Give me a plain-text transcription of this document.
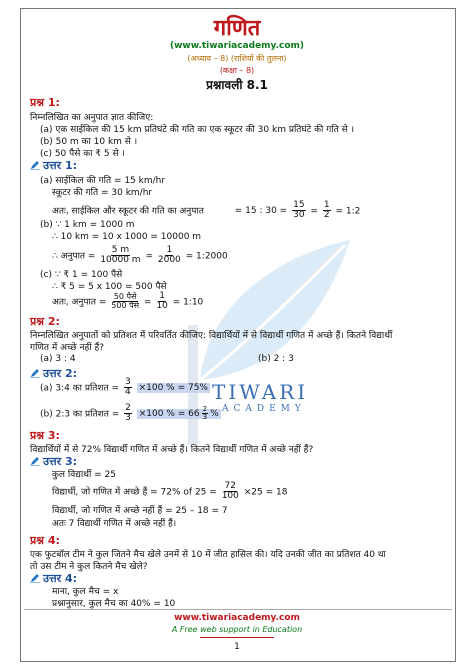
TIWARI
ACADEMY
गणित
(www.tiwariacademy.com)
(अध्याय – 8) (राशियों की तुलना)
(कक्षा – 8)
प्रश्नावली 8.1
प्रश्न 1:
निम्नलिखित का अनुपात ज्ञात कीजिए:
(a) एक साईकिल की 15 km प्रतिघंटे की गति का एक स्कूटर की 30 km प्रतिघंटे की गति से ।
(b) 50 m का 10 km से ।
(c) 50 पैसे का ₹ 5 से ।
उत्तर 1:
(a) साईकिल की गति = 15 km/hr
स्कूटर की गति = 30 km/hr
अतः, साईकिल और स्कूटर की गति का अनुपात	= 15 : $30 = \frac{15}{30} = \frac{1}{2}$ = 1:2
(b) ∵ 1 km = 1000 m
∴ 10 km = 10 x 1000 = 10000 m
∴ अनुपात = $\frac{5 m}{10000 m} = \frac{1}{2000}$ = 1:2000
(c) ∵ ₹ 1 = 100 पैसे
∴ ₹ 5 = 5 x 100 = 500 पैसे
अतः, अनुपात = $\frac{\text{50 पैसे}}{\text{500 पैसे}} = \frac{1}{10}$ = 1:10
प्रश्न 2:
निम्नलिखित अनुपातों को प्रतिशत में परिवर्तित कीजिए: विद्यार्थियों में से विद्यार्थी गणित में अच्छे हैं। कितने विद्यार्थी
गणित में अच्छे नहीं हैं?
(a) 3 : 4	(b) 2 : 3
उत्तर 2:
(a) 3:4 का प्रतिशत = $\frac{3}{4} \times 100$ % = 75%
(b) 2:3 का प्रतिशत = $\frac{2}{3} \times 100$ % = $66 \frac{2}{3}$ %
प्रश्न 3:
विद्यार्थियों में से 72% विद्यार्थी गणित में अच्छे हैं। कितने विद्यार्थी गणित में अच्छे नहीं हैं?
उत्तर 3:
कुल विद्यार्थी = 25
विद्यार्थी, जो गणित में अच्छे हैं = 72% of $25 = \frac{72}{100} \times 25 = 18$
विद्यार्थी, जो गणित में अच्छे नहीं हैं = 25 – 18 = 7
अतः 7 विद्यार्थी गणित में अच्छे नहीं हैं।
प्रश्न 4:
एक फुटबॉल टीम ने कुल जितने मैच खेले उनमें से 10 में जीत हासिल की। यदि उनकी जीत का प्रतिशत 40 था
तो उस टीम ने कुल कितने मैच खेले?
उत्तर 4:
माना, कुल मैच = x
प्रश्नानुसार, कुल मैच का 40% = 10
www.tiwariacademy.com
A Free web support in Education
1
